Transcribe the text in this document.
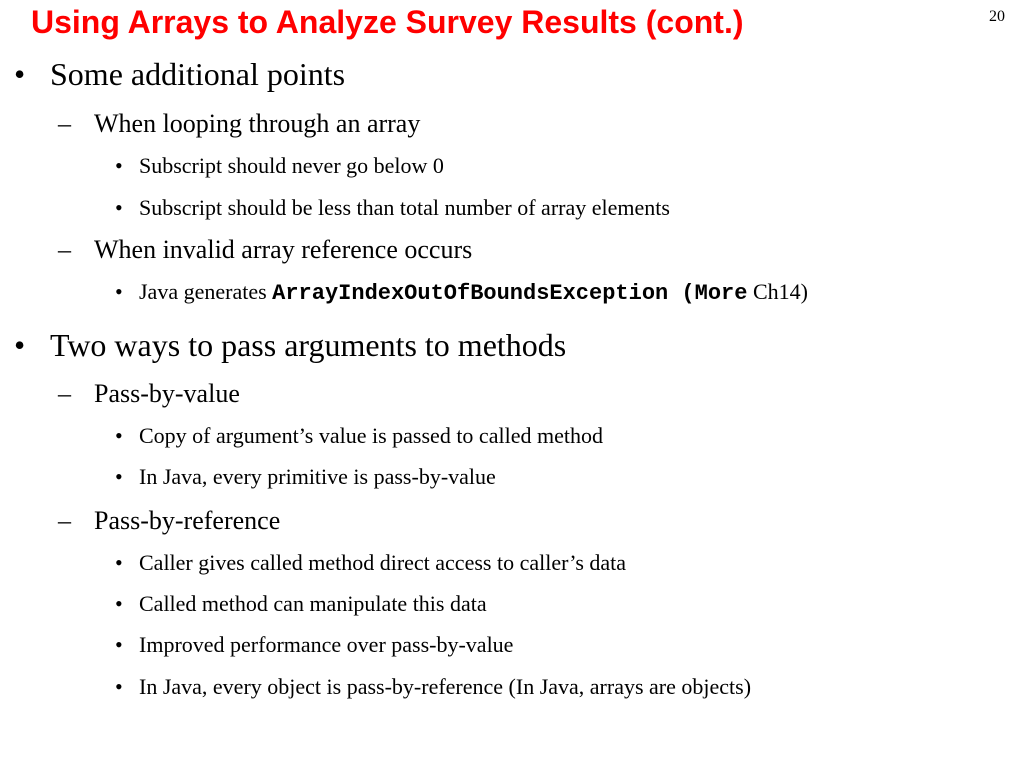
Using Arrays to Analyze Survey Results (cont.)	20
• Some additional points
– When looping through an array
• Subscript should never go below 0
• Subscript should be less than total number of array elements
– When invalid array reference occurs
• Java generates ArrayIndexOutOfBoundsException (More Ch14)
• Two ways to pass arguments to methods
– Pass-by-value
• Copy of argument’s value is passed to called method
• In Java, every primitive is pass-by-value
– Pass-by-reference
• Caller gives called method direct access to caller’s data
• Called method can manipulate this data
• Improved performance over pass-by-value
• In Java, every object is pass-by-reference (In Java, arrays are objects)
